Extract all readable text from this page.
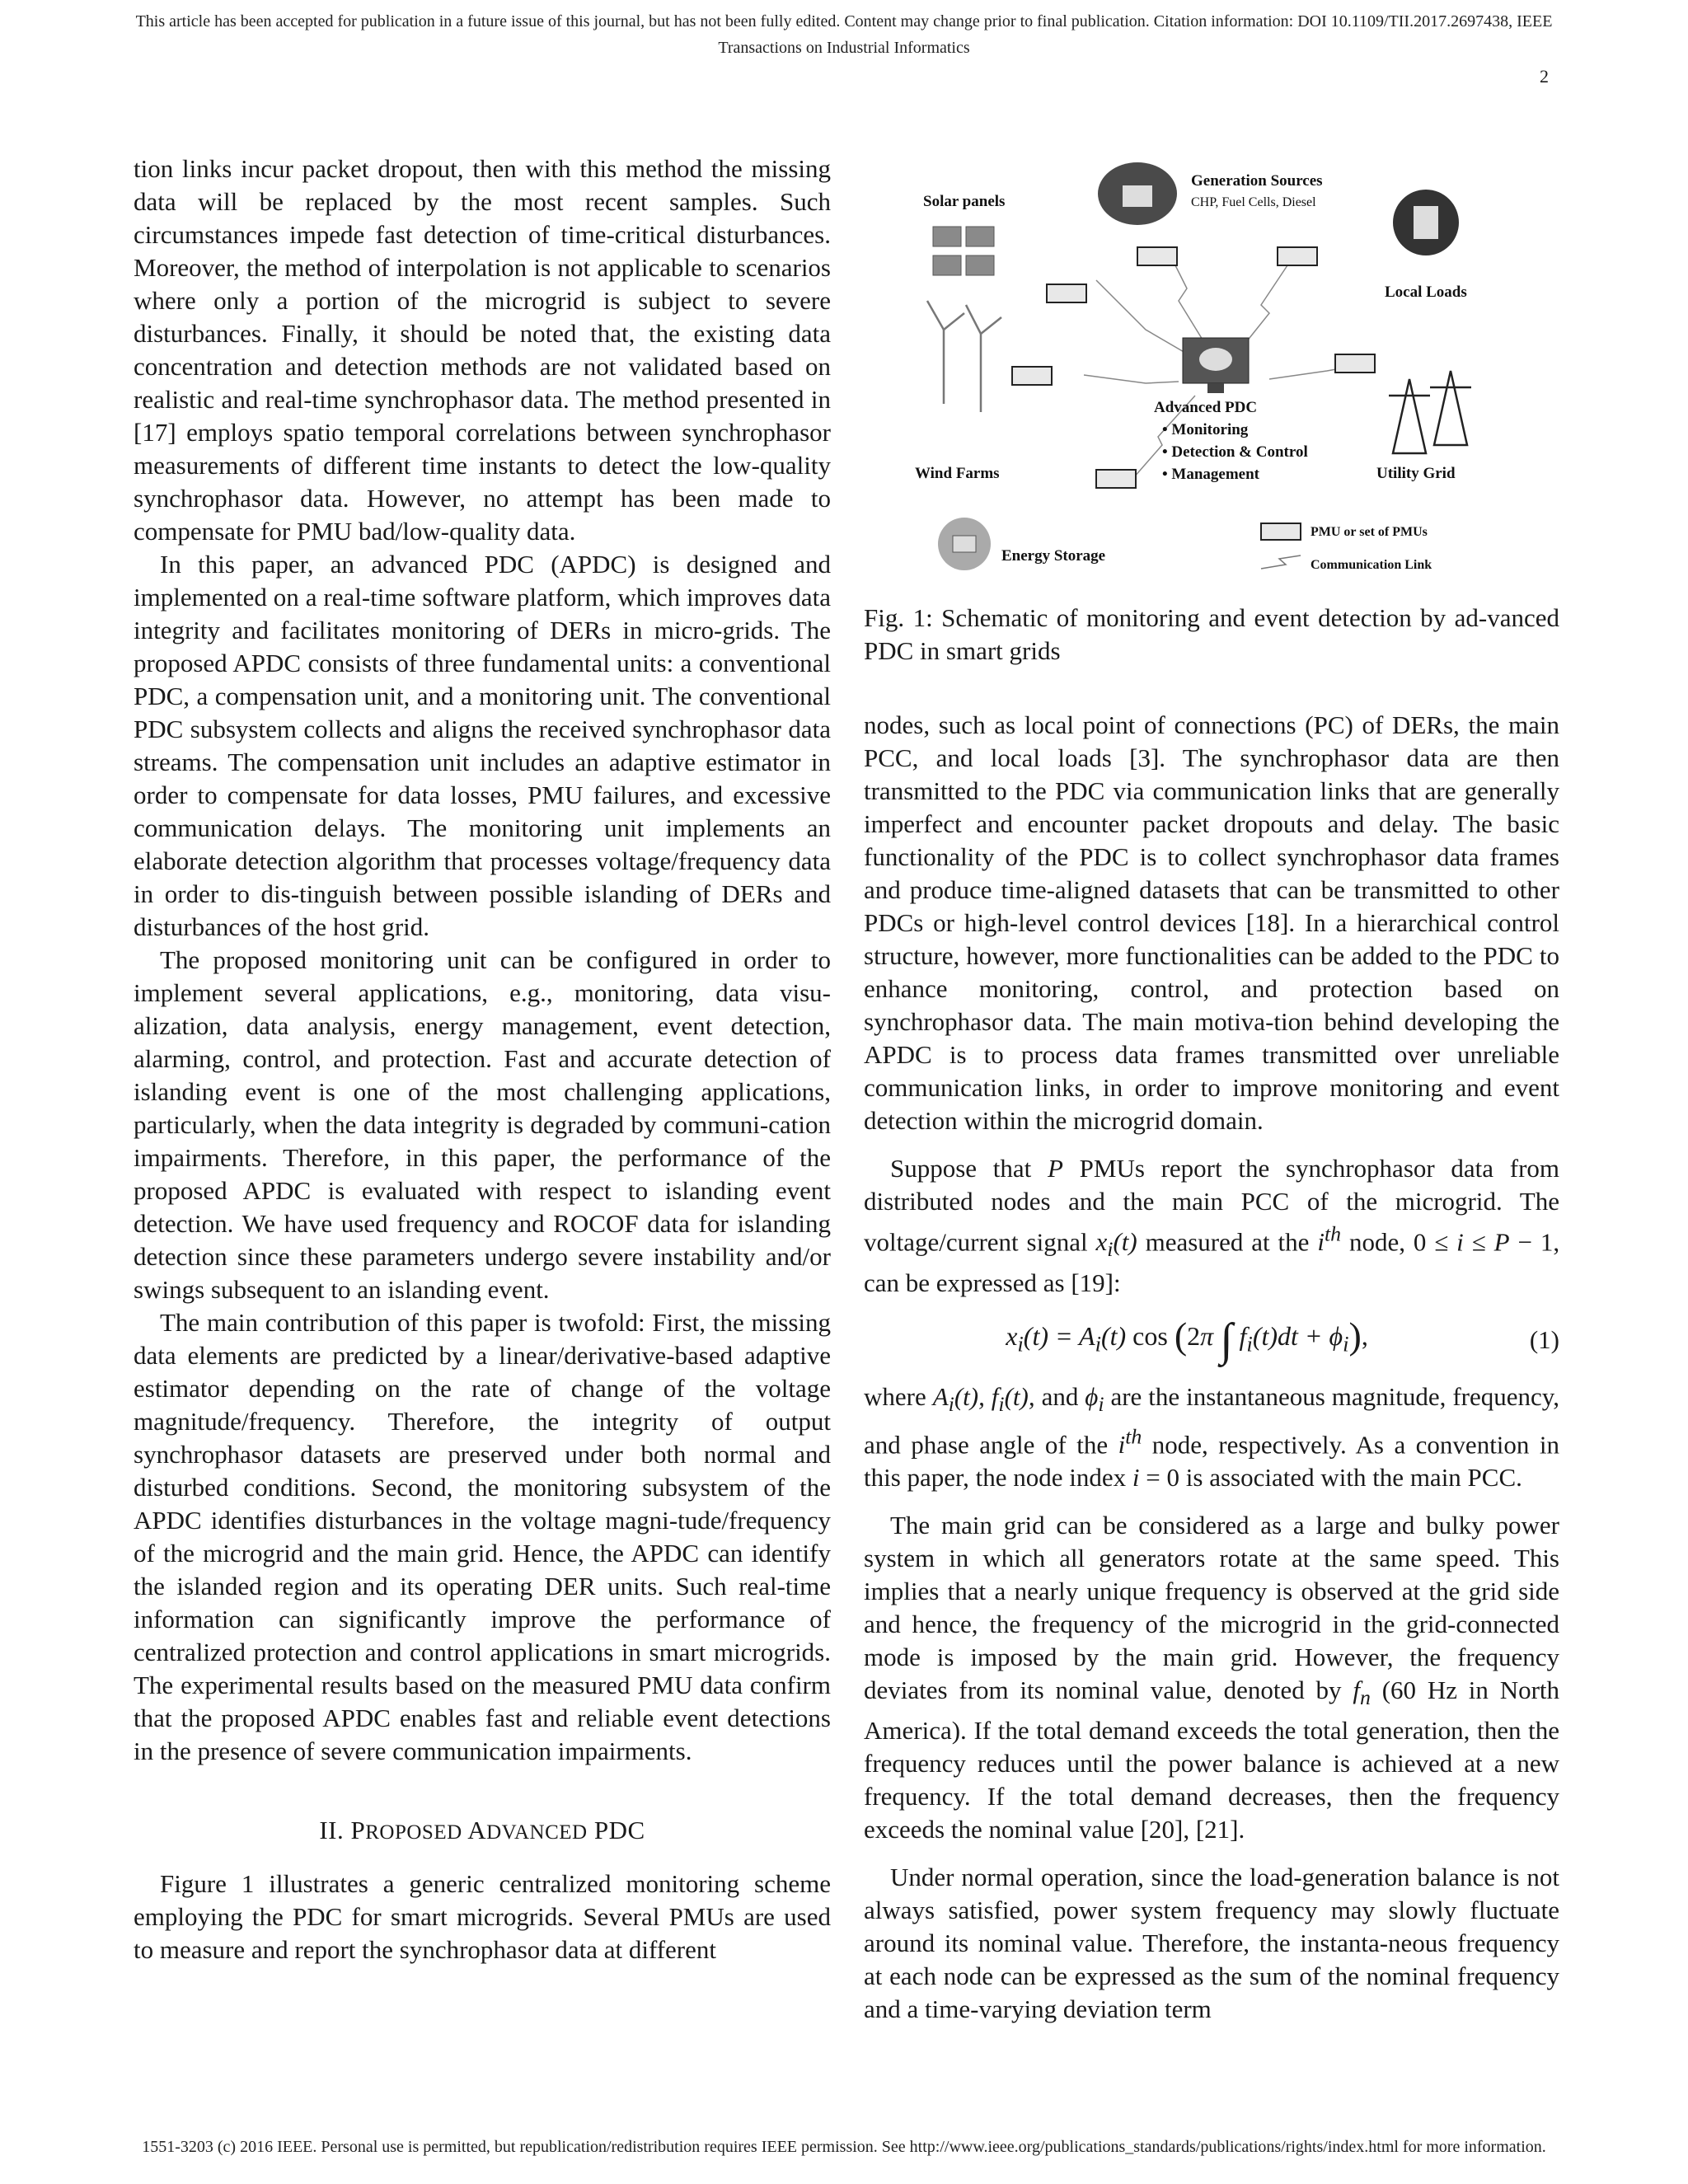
This article has been accepted for publication in a future issue of this journal, but has not been fully edited. Content may change prior to final publication. Citation information: DOI 10.1109/TII.2017.2697438, IEEE
Transactions on Industrial Informatics
2

tion links incur packet dropout, then with this method the missing data will be replaced by the most recent samples. Such circumstances impede fast detection of time-critical disturbances. Moreover, the method of interpolation is not applicable to scenarios where only a portion of the microgrid is subject to severe disturbances. Finally, it should be noted that, the existing data concentration and detection methods are not validated based on realistic and real-time synchrophasor data. The method presented in [17] employs spatio temporal correlations between synchrophasor measurements of different time instants to detect the low-quality synchrophasor data. However, no attempt has been made to compensate for PMU bad/low-quality data.

In this paper, an advanced PDC (APDC) is designed and implemented on a real-time software platform, which improves data integrity and facilitates monitoring of DERs in micro-grids. The proposed APDC consists of three fundamental units: a conventional PDC, a compensation unit, and a monitoring unit. The conventional PDC subsystem collects and aligns the received synchrophasor data streams. The compensation unit includes an adaptive estimator in order to compensate for data losses, PMU failures, and excessive communication delays. The monitoring unit implements an elaborate detection algorithm that processes voltage/frequency data in order to dis-tinguish between possible islanding of DERs and disturbances of the host grid.

The proposed monitoring unit can be configured in order to implement several applications, e.g., monitoring, data visu-alization, data analysis, energy management, event detection, alarming, control, and protection. Fast and accurate detection of islanding event is one of the most challenging applications, particularly, when the data integrity is degraded by communi-cation impairments. Therefore, in this paper, the performance of the proposed APDC is evaluated with respect to islanding event detection. We have used frequency and ROCOF data for islanding detection since these parameters undergo severe instability and/or swings subsequent to an islanding event.

The main contribution of this paper is twofold: First, the missing data elements are predicted by a linear/derivative-based adaptive estimator depending on the rate of change of the voltage magnitude/frequency. Therefore, the integrity of output synchrophasor datasets are preserved under both normal and disturbed conditions. Second, the monitoring subsystem of the APDC identifies disturbances in the voltage magni-tude/frequency of the microgrid and the main grid. Hence, the APDC can identify the islanded region and its operating DER units. Such real-time information can significantly improve the performance of centralized protection and control applications in smart microgrids. The experimental results based on the measured PMU data confirm that the proposed APDC enables fast and reliable event detections in the presence of severe communication impairments.

II. PROPOSED ADVANCED PDC

Figure 1 illustrates a generic centralized monitoring scheme employing the PDC for smart microgrids. Several PMUs are used to measure and report the synchrophasor data at different

Solar panels
Generation Sources
CHP, Fuel Cells, Diesel
Local Loads
Advanced PDC
• Monitoring
• Detection & Control
• Management
Wind Farms	Utility Grid
Energy Storage
PMU or set of PMUs
Communication Link
Fig. 1: Schematic of monitoring and event detection by ad-vanced PDC in smart grids

nodes, such as local point of connections (PC) of DERs, the main PCC, and local loads [3]. The synchrophasor data are then transmitted to the PDC via communication links that are generally imperfect and encounter packet dropouts and delay. The basic functionality of the PDC is to collect synchrophasor data frames and produce time-aligned datasets that can be transmitted to other PDCs or high-level control devices [18]. In a hierarchical control structure, however, more functionalities can be added to the PDC to enhance monitoring, control, and protection based on synchrophasor data. The main motiva-tion behind developing the APDC is to process data frames transmitted over unreliable communication links, in order to improve monitoring and event detection within the microgrid domain.

Suppose that P PMUs report the synchrophasor data from distributed nodes and the main PCC of the microgrid. The voltage/current signal $x_i(t)$ measured at the $i^{th}$ node, 0 ≤ i ≤ P − 1, can be expressed as [19]:

$x_i(t) = A_i(t)$ cos (2π ∫ $f_i(t)dt + \phi_i$),	(1)

where $A_i(t)$, $f_i(t)$, and $\phi_i$ are the instantaneous magnitude, frequency, and phase angle of the $i^{th}$ node, respectively. As a convention in this paper, the node index i = 0 is associated with the main PCC.

The main grid can be considered as a large and bulky power system in which all generators rotate at the same speed. This implies that a nearly unique frequency is observed at the grid side and hence, the frequency of the microgrid in the grid-connected mode is imposed by the main grid. However, the frequency deviates from its nominal value, denoted by $f_n$ (60 Hz in North America). If the total demand exceeds the total generation, then the frequency reduces until the power balance is achieved at a new frequency. If the total demand decreases, then the frequency exceeds the nominal value [20], [21].

Under normal operation, since the load-generation balance is not always satisfied, power system frequency may slowly fluctuate around its nominal value. Therefore, the instanta-neous frequency at each node can be expressed as the sum of the nominal frequency and a time-varying deviation term

1551-3203 (c) 2016 IEEE. Personal use is permitted, but republication/redistribution requires IEEE permission. See http://www.ieee.org/publications_standards/publications/rights/index.html for more information.
